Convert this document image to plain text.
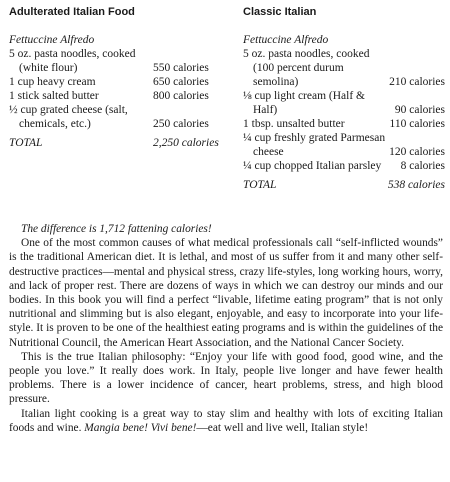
Adulterated Italian Food
Fettuccine Alfredo
5 oz. pasta noodles, cooked (white flour)	550 calories
1 cup heavy cream	650 calories
1 stick salted butter	800 calories
½ cup grated cheese (salt, chemicals, etc.)	250 calories
TOTAL	2,250 calories
Classic Italian
Fettuccine Alfredo
5 oz. pasta noodles, cooked (100 percent durum semolina)	210 calories
⅛ cup light cream (Half & Half)	90 calories
1 tbsp. unsalted butter	110 calories
¼ cup freshly grated Parmesan cheese	120 calories
¼ cup chopped Italian parsley	8 calories
TOTAL	538 calories

The difference is 1,712 fattening calories!

One of the most common causes of what medical professionals call “self-inflicted wounds” is the traditional American diet. It is lethal, and most of us suffer from it and many other self-destructive practices—mental and physical stress, crazy life-styles, long working hours, worry, and lack of proper rest. There are dozens of ways in which we can destroy our minds and our bodies. In this book you will find a perfect “livable, lifetime eating program” that is not only nutritional and slimming but is also elegant, enjoyable, and easy to incorporate into your life-style. It is proven to be one of the healthiest eating programs and is within the guidelines of the Nutritional Council, the American Heart Association, and the National Cancer Society.

This is the true Italian philosophy: “Enjoy your life with good food, good wine, and the people you love.” It really does work. In Italy, people live longer and have fewer health problems. There is a lower incidence of cancer, heart problems, stress, and high blood pressure.

Italian light cooking is a great way to stay slim and healthy with lots of exciting Italian foods and wine. Mangia bene! Vivi bene!—eat well and live well, Italian style!
